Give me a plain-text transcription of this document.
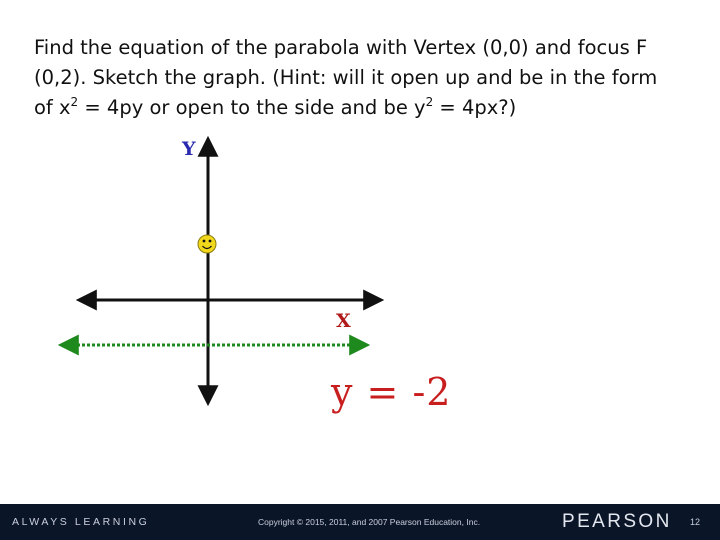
Find the equation of the parabola with Vertex (0,0) and focus F
(0,2). Sketch the graph. (Hint: will it open up and be in the form
of $x^2 = 4py$ or open to the side and be $y^2$ = 4px?)
Y
X
y = -2
ALWAYS LEARNING	Copyright © 2015, 2011, and 2007 Pearson Education, Inc.	PEARSON 12
